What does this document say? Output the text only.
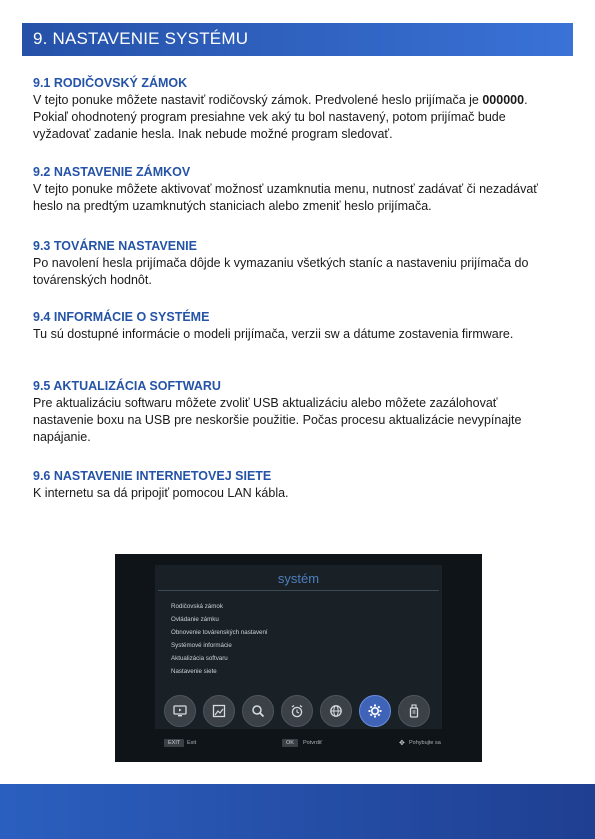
9. NASTAVENIE SYSTÉMU

9.1 RODIČOVSKÝ ZÁMOK

V tejto ponuke môžete nastaviť rodičovský zámok. Predvolené heslo prijímača je 000000. Pokiaľ ohodnotený program presiahne vek aký tu bol nastavený, potom prijímač bude vyžadovať zadanie hesla. Inak nebude možné program sledovať.

9.2 NASTAVENIE ZÁMKOV

V tejto ponuke môžete aktivovať možnosť uzamknutia menu, nutnosť zadávať či nezadávať heslo na predtým uzamknutých staniciach alebo zmeniť heslo prijímača.

9.3 TOVÁRNE NASTAVENIE

Po navolení hesla prijímača dôjde k vymazaniu všetkých staníc a nastaveniu prijímača do továrenských hodnôt.

9.4 INFORMÁCIE O SYSTÉME

Tu sú dostupné informácie o modeli prijímača, verzii sw a dátume zostavenia firmware.

9.5 AKTUALIZÁCIA SOFTWARU

Pre aktualizáciu softwaru môžete zvoliť USB aktualizáciu alebo môžete zazálohovať nastavenie boxu na USB pre neskoršie použitie. Počas procesu aktualizácie nevypínajte napájanie.

9.6 NASTAVENIE INTERNETOVEJ SIETE

K internetu sa dá pripojiť pomocou LAN kábla.

systém
Rodičovská zámok
Ovládanie zámku
Obnovenie továrenských nastavení
Systémové informácie
Aktualizácia softvaru
Nastavenie siete
EXIT	Exit	OK	Potvrdiť	✥ Pohybujte sa
